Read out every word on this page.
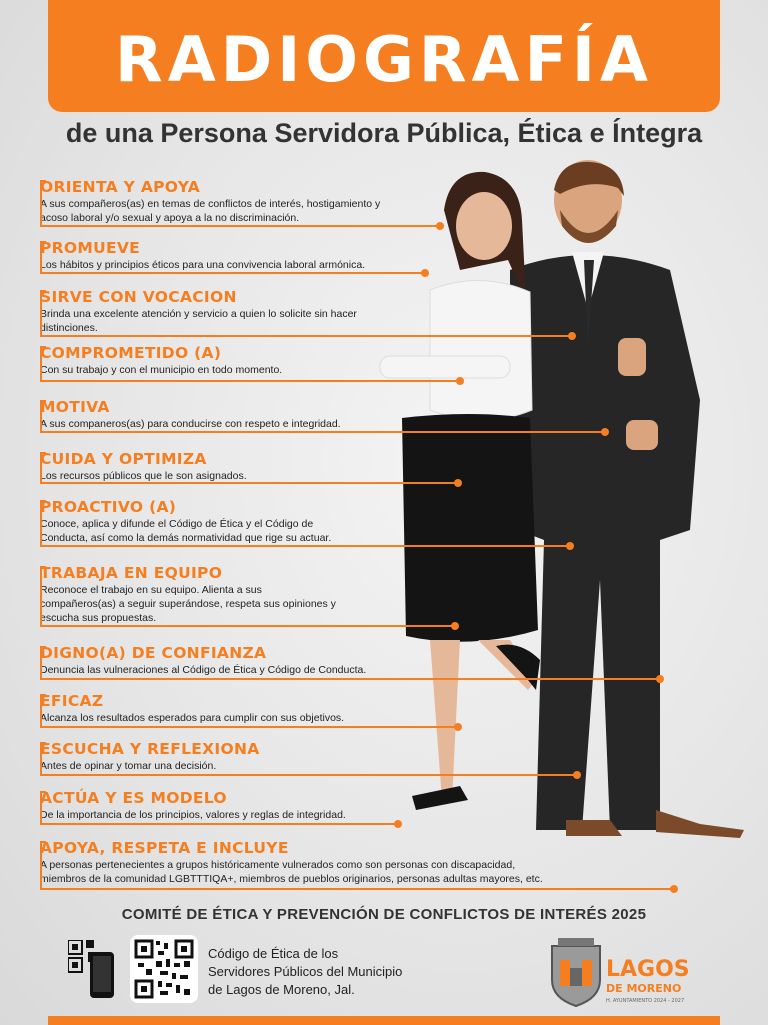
RADIOGRAFÍA
de una Persona Servidora Pública, Ética e Íntegra
ORIENTA Y APOYA
A sus compañeros(as) en temas de conflictos de interés, hostigamiento y
acoso laboral y/o sexual y apoya a la no discriminación.
PROMUEVE
Los hábitos y principios éticos para una convivencia laboral armónica.
SIRVE CON VOCACION
Brinda una excelente atención y servicio a quien lo solicite sin hacer
distinciones.
COMPROMETIDO (A)
Con su trabajo y con el municipio en todo momento.
MOTIVA
A sus companeros(as) para conducirse con respeto e integridad.
CUIDA Y OPTIMIZA
Los recursos públicos que le son asignados.
PROACTIVO (A)
Conoce, aplica y difunde el Código de Ética y el Código de
Conducta, así como la demás normatividad que rige su actuar.
TRABAJA EN EQUIPO
Reconoce el trabajo en su equipo. Alienta a sus
compañeros(as) a seguir superándose, respeta sus opiniones y
escucha sus propuestas.
DIGNO(A) DE CONFIANZA
Denuncia las vulneraciones al Código de Ética y Código de Conducta.
EFICAZ
Alcanza los resultados esperados para cumplir con sus objetivos.
ESCUCHA Y REFLEXIONA
Antes de opinar y tomar una decisión.
ACTÚA Y ES MODELO
De la importancia de los principios, valores y reglas de integridad.
APOYA, RESPETA E INCLUYE
A personas pertenecientes a grupos históricamente vulnerados como son personas con discapacidad,
miembros de la comunidad LGBTTTIQA+, miembros de pueblos originarios, personas adultas mayores, etc.
COMITÉ DE ÉTICA Y PREVENCIÓN DE CONFLICTOS DE INTERÉS 2025
Código de Ética de los
Servidores Públicos del Municipio
de Lagos de Moreno, Jal.
LAGOS
DE MORENO
H. AYUNTAMIENTO 2024 - 2027
